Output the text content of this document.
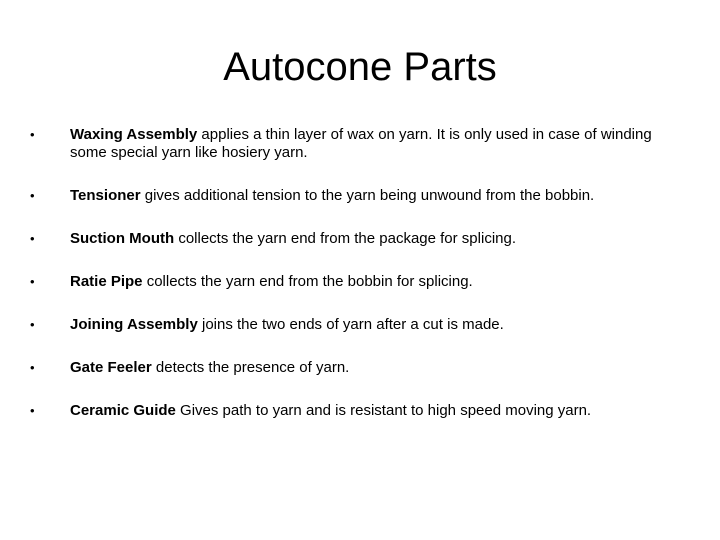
Autocone Parts
• Waxing Assembly applies a thin layer of wax on yarn. It is only used in case of winding some special yarn like hosiery yarn.
• Tensioner gives additional tension to the yarn being unwound from the bobbin.
• Suction Mouth collects the yarn end from the package for splicing.
• Ratie Pipe collects the yarn end from the bobbin for splicing.
• Joining Assembly joins the two ends of yarn after a cut is made.
• Gate Feeler detects the presence of yarn.
• Ceramic Guide Gives path to yarn and is resistant to high speed moving yarn.
